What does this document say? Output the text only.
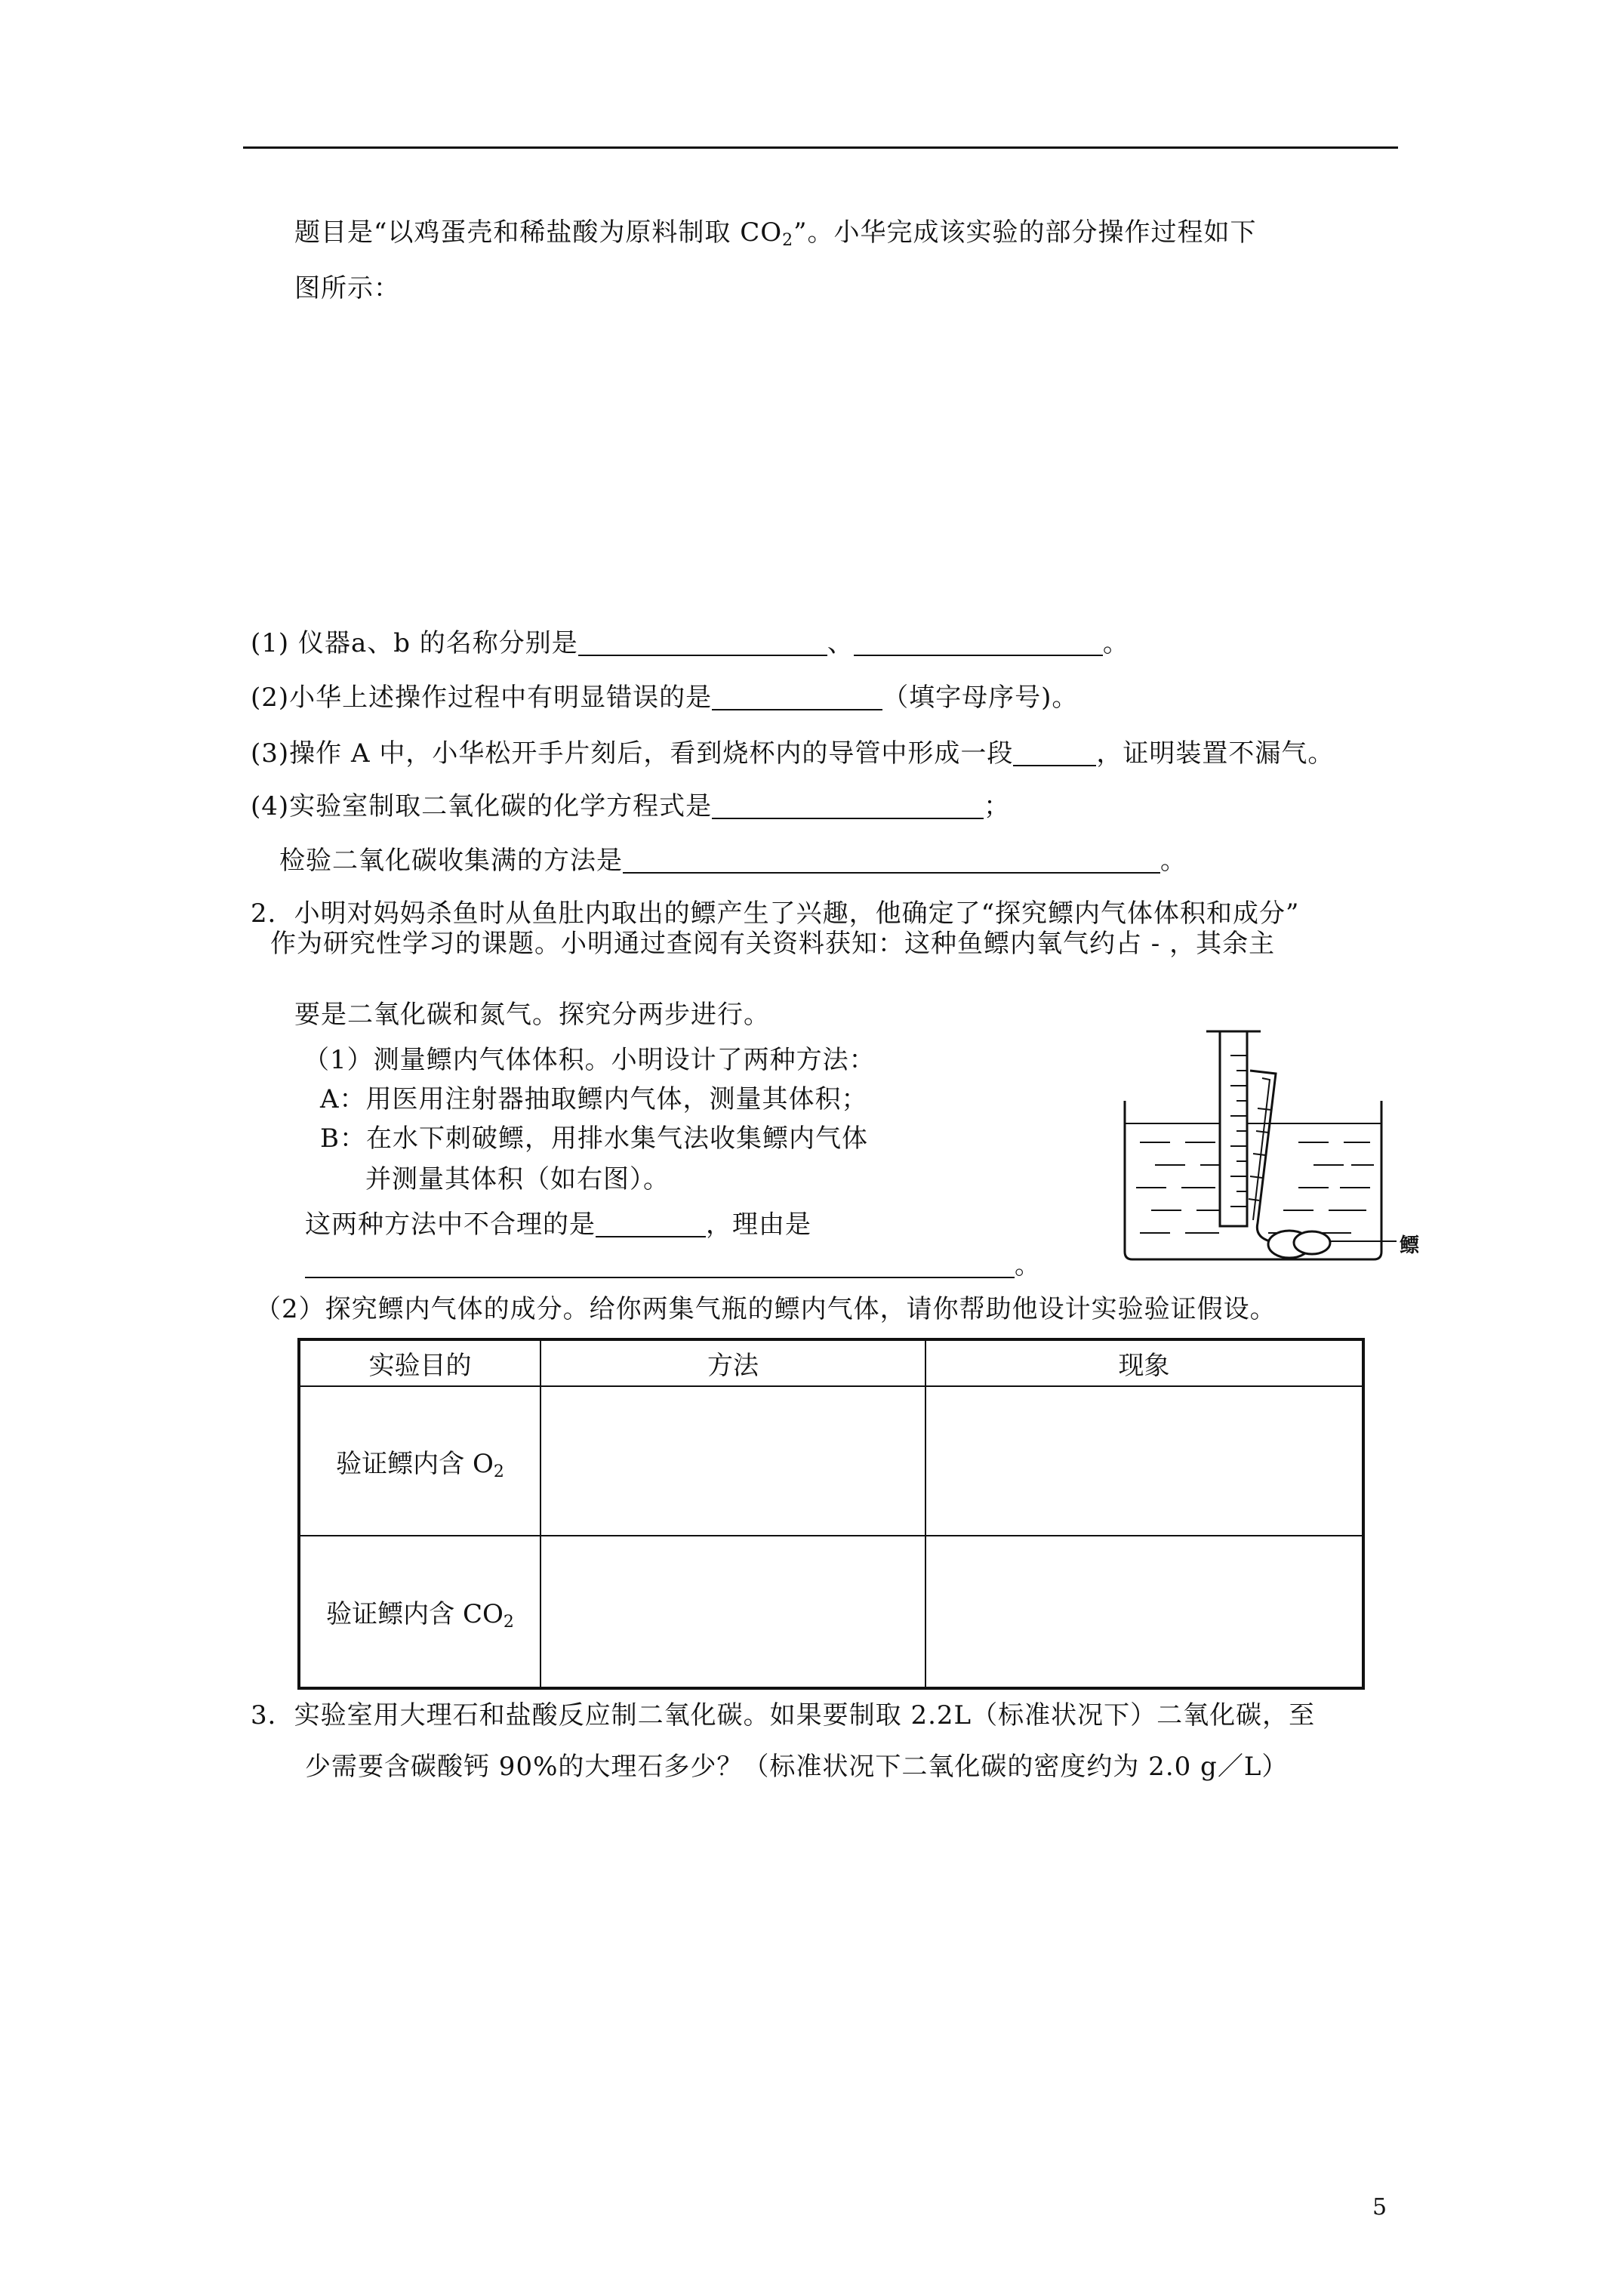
题目是“以鸡蛋壳和稀盐酸为原料制取 $CO_2$”。小华完成该实验的部分操作过程如下
图所示：
(1) 仪器a、b 的名称分别是	、	。
(2)小华上述操作过程中有明显错误的是	（填字母序号)。
(3)操作 A 中，小华松开手片刻后，看到烧杯内的导管中形成一段	，证明装置不漏气。
(4)实验室制取二氧化碳的化学方程式是	；
检验二氧化碳收集满的方法是	。
2．小明对妈妈杀鱼时从鱼肚内取出的鳔产生了兴趣，他确定了“探究鳔内气体体积和成分”
作为研究性学习的课题。小明通过查阅有关资料获知：这种鱼鳔内氧气约占 - ，其余主
要是二氧化碳和氮气。探究分两步进行。
（1）测量鳔内气体体积。小明设计了两种方法：
A：用医用注射器抽取鳔内气体，测量其体积；
B：在水下刺破鳔，用排水集气法收集鳔内气体
并测量其体积（如右图）。
这两种方法中不合理的是	，理由是
。
鳔
（2）探究鳔内气体的成分。给你两集气瓶的鳔内气体，请你帮助他设计实验验证假设。
实验目的	方法	现象
验证鳔内含 $O_2$		
验证鳔内含 $CO_2$		
3．实验室用大理石和盐酸反应制二氧化碳。如果要制取 2.2L（标准状况下）二氧化碳，至
少需要含碳酸钙 90%的大理石多少？（标准状况下二氧化碳的密度约为 2.0 g／L）
5
